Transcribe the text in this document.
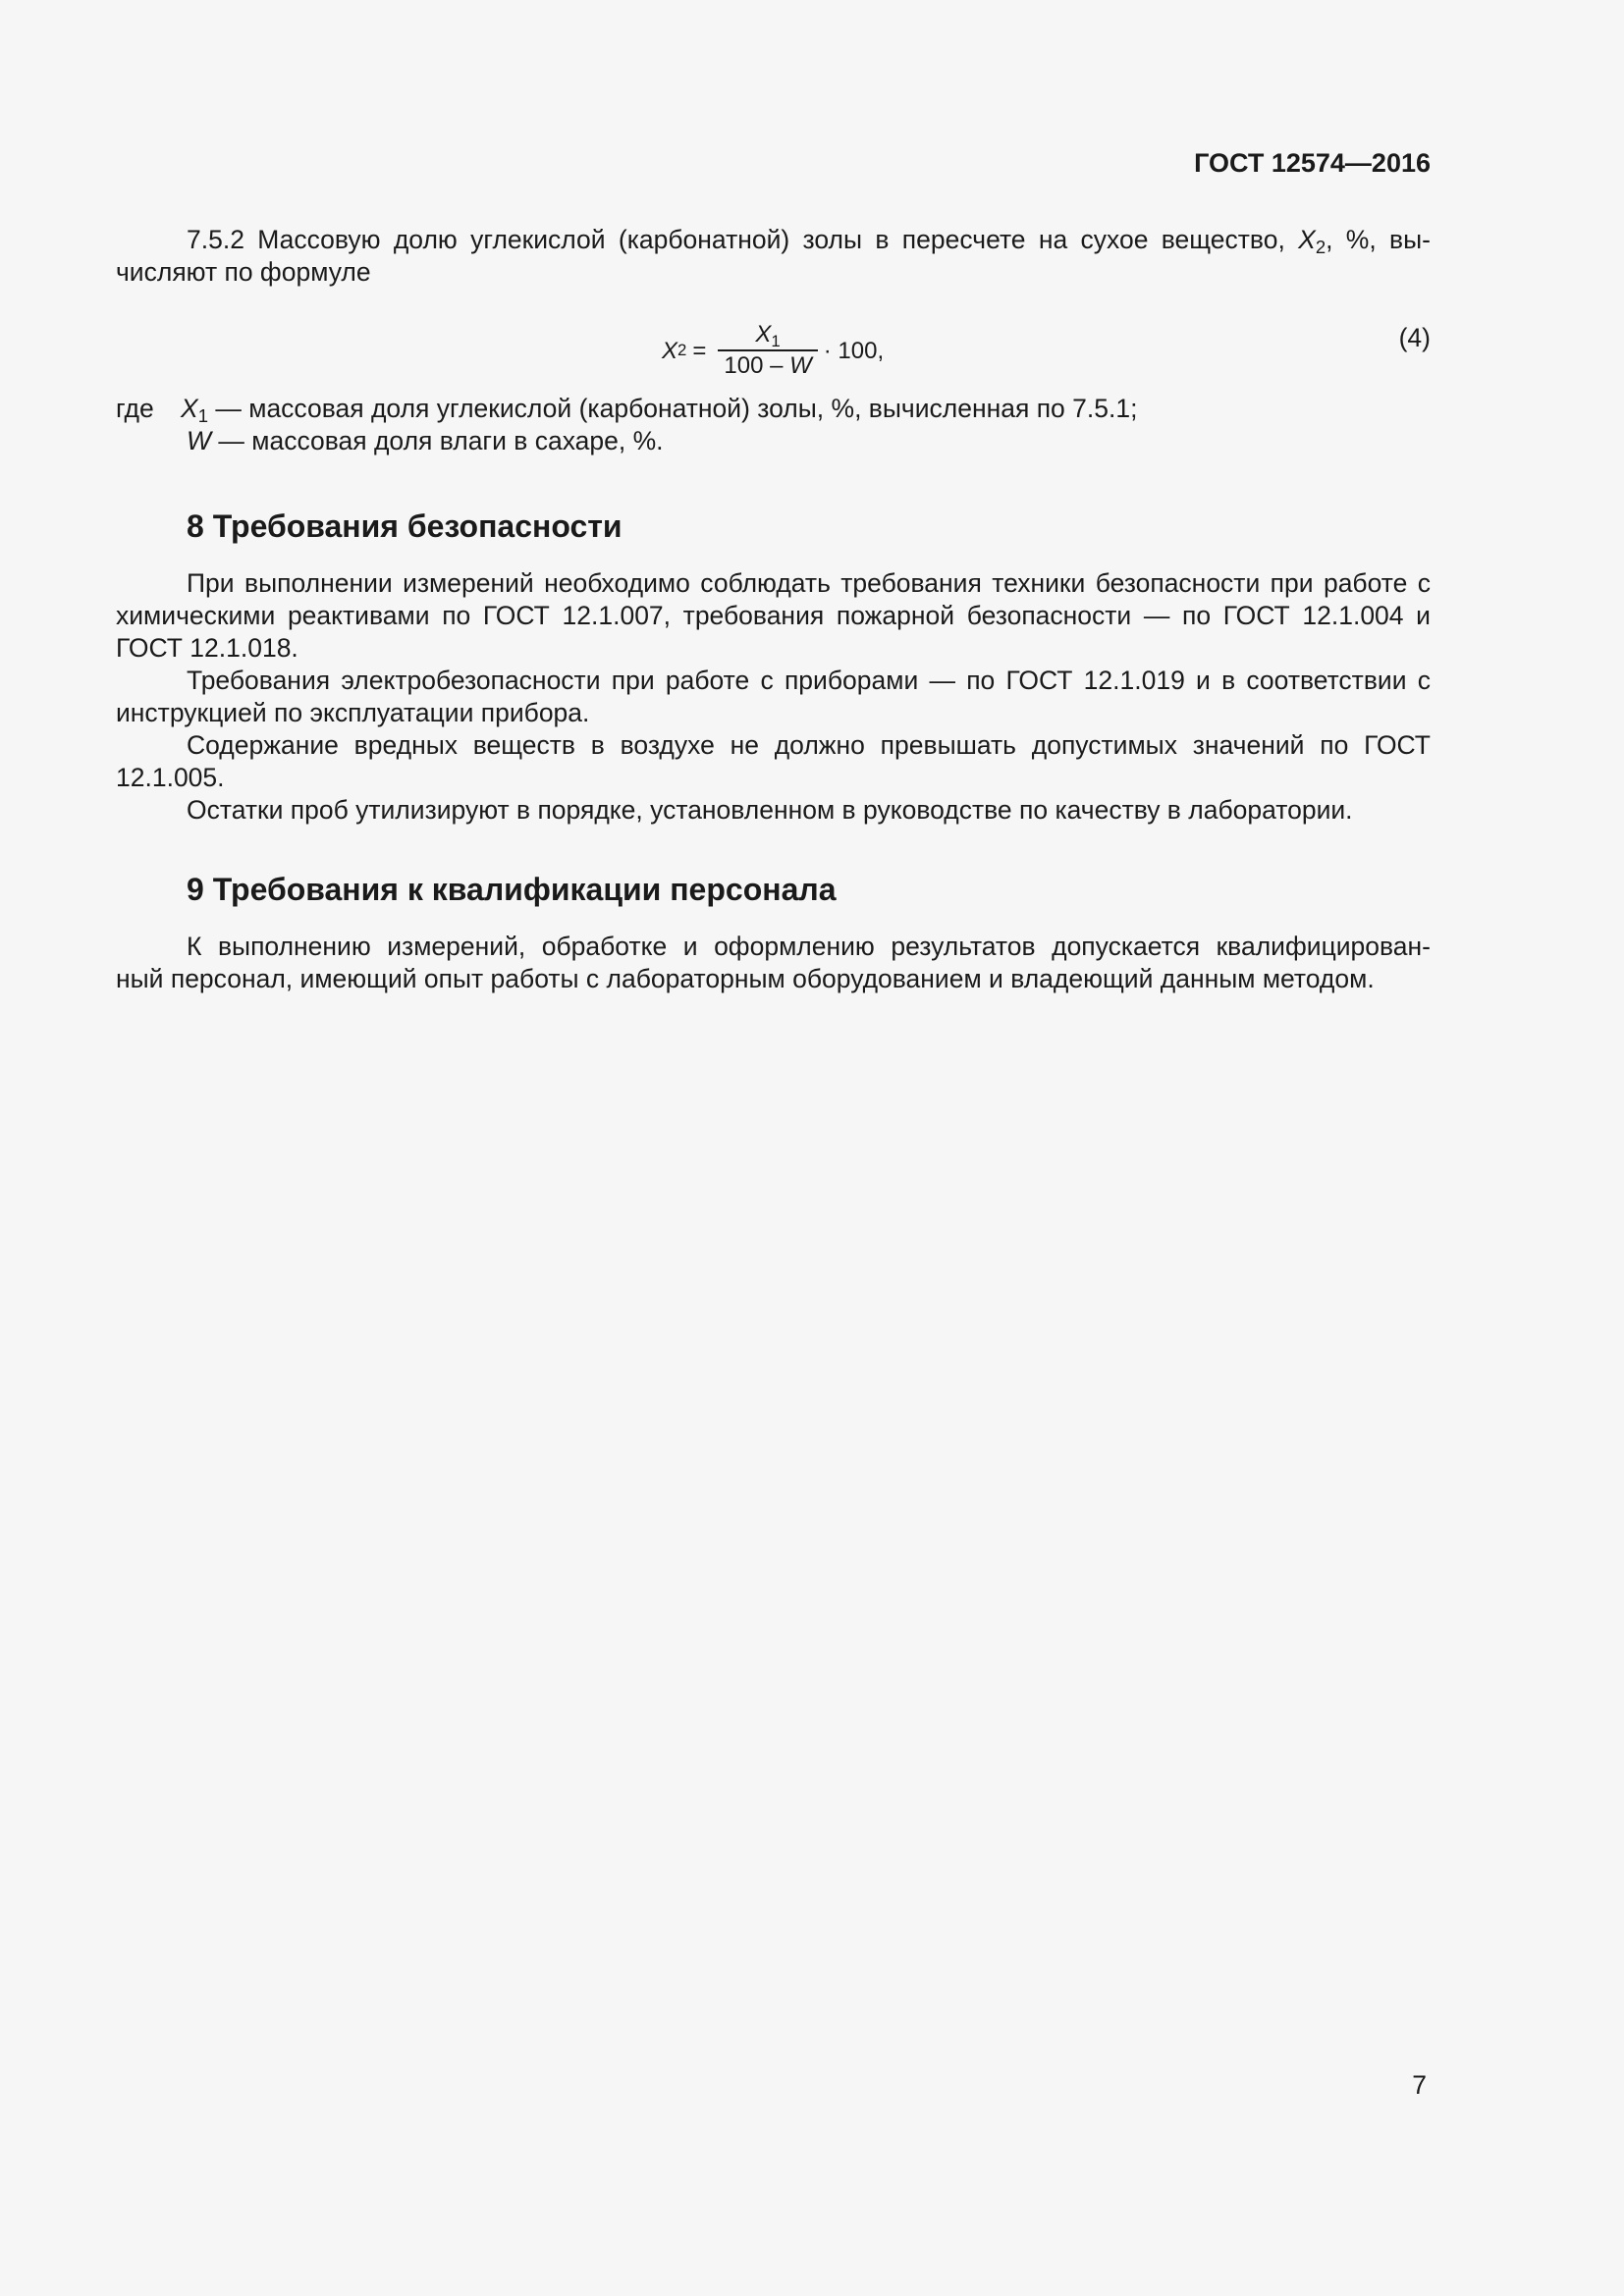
ГОСТ 12574—2016

7.5.2 Массовую долю углекислой (карбонатной) золы в пересчете на сухое вещество, $X_2$, %, вы-

числяют по формуле
X $2 = \frac{X_1}{100 - W} \cdot 100$,	(4)
где $X_1$ — массовая доля углекислой (карбонатной) золы, %, вычисленная по 7.5.1;
W — массовая доля влаги в сахаре, %.
8 Требования безопасности

При выполнении измерений необходимо соблюдать требования техники безопасности при работе с химическими реактивами по ГОСТ 12.1.007, требования пожарной безопасности — по ГОСТ 12.1.004 и ГОСТ 12.1.018.

Требования электробезопасности при работе с приборами — по ГОСТ 12.1.019 и в соответствии с инструкцией по эксплуатации прибора.

Содержание вредных веществ в воздухе не должно превышать допустимых значений по ГОСТ 12.1.005.

Остатки проб утилизируют в порядке, установленном в руководстве по качеству в лаборатории.

9 Требования к квалификации персонала

К выполнению измерений, обработке и оформлению результатов допускается квалифицирован-

ный персонал, имеющий опыт работы с лабораторным оборудованием и владеющий данным методом.
7
